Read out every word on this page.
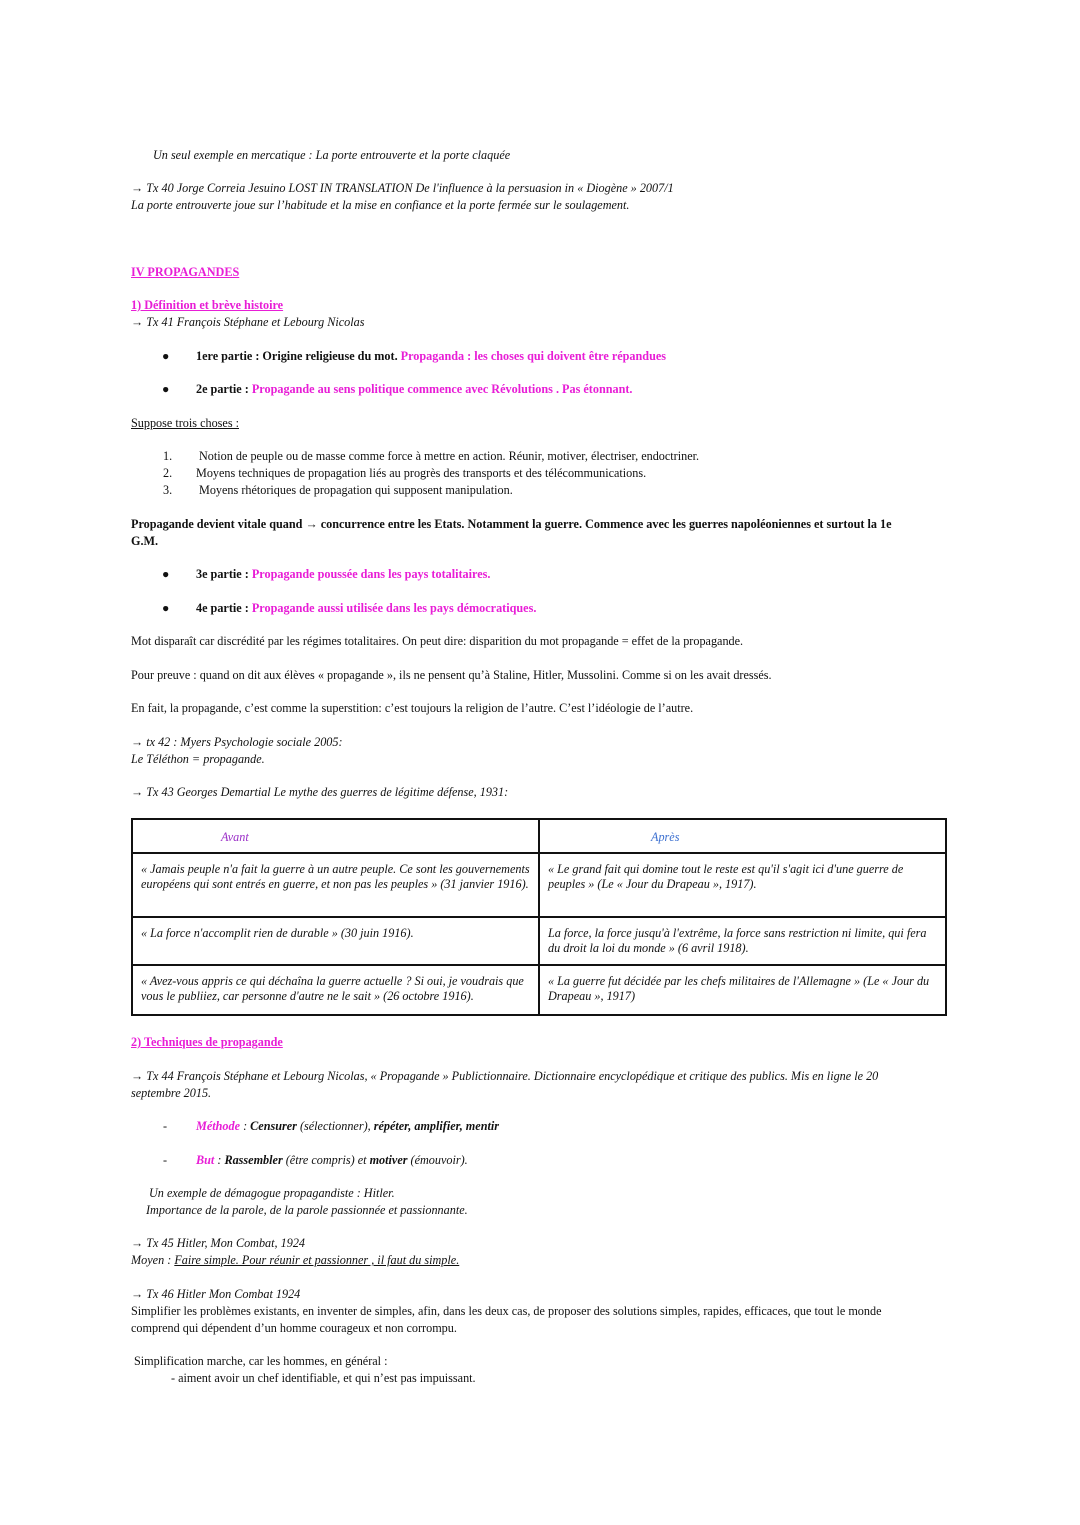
Un seul exemple en mercatique : La porte entrouverte et la porte claquée
→ Tx 40 Jorge Correia Jesuino LOST IN TRANSLATION De l'influence à la persuasion in « Diogène » 2007/1
La porte entrouverte joue sur l’habitude et la mise en confiance et la porte fermée sur le soulagement.
IV PROPAGANDES
1) Définition et brève histoire
→ Tx 41 François Stéphane et Lebourg Nicolas
● 1ere partie : Origine religieuse du mot. Propaganda : les choses qui doivent être répandues
● 2e partie : Propagande au sens politique commence avec Révolutions . Pas étonnant.
Suppose trois choses :
1. Notion de peuple ou de masse comme force à mettre en action. Réunir, motiver, électriser, endoctriner.
2. Moyens techniques de propagation liés au progrès des transports et des télécommunications.
3. Moyens rhétoriques de propagation qui supposent manipulation.
Propagande devient vitale quand → concurrence entre les Etats. Notamment la guerre. Commence avec les guerres napoléoniennes et surtout la 1e
G.M.
● 3e partie : Propagande poussée dans les pays totalitaires.
● 4e partie : Propagande aussi utilisée dans les pays démocratiques.
Mot disparaît car discrédité par les régimes totalitaires. On peut dire: disparition du mot propagande = effet de la propagande.
Pour preuve : quand on dit aux élèves « propagande », ils ne pensent qu’à Staline, Hitler, Mussolini. Comme si on les avait dressés.
En fait, la propagande, c’est comme la superstition: c’est toujours la religion de l’autre. C’est l’idéologie de l’autre.
→ tx 42 : Myers Psychologie sociale 2005:
Le Téléthon = propagande.
→ Tx 43 Georges Demartial Le mythe des guerres de légitime défense, 1931:
Avant	Après
« Jamais peuple n'a fait la guerre à un autre peuple. Ce sont les gouvernements européens qui sont entrés en guerre, et non pas les peuples » (31 janvier 1916).	« Le grand fait qui domine tout le reste est qu'il s'agit ici d'une guerre de peuples » (Le « Jour du Drapeau », 1917).
« La force n'accomplit rien de durable » (30 juin 1916).	La force, la force jusqu'à l'extrême, la force sans restriction ni limite, qui fera du droit la loi du monde » (6 avril 1918).
« Avez-vous appris ce qui déchaîna la guerre actuelle ? Si oui, je voudrais que vous le publiiez, car personne d'autre ne le sait » (26 octobre 1916).	« La guerre fut décidée par les chefs militaires de l'Allemagne » (Le « Jour du Drapeau », 1917)
2) Techniques de propagande
→ Tx 44 François Stéphane et Lebourg Nicolas, « Propagande » Publictionnaire. Dictionnaire encyclopédique et critique des publics. Mis en ligne le 20
septembre 2015.
- Méthode : Censurer (sélectionner), répéter, amplifier, mentir
- But : Rassembler (être compris) et motiver (émouvoir).
Un exemple de démagogue propagandiste : Hitler.
Importance de la parole, de la parole passionnée et passionnante.
→ Tx 45 Hitler, Mon Combat, 1924
Moyen : Faire simple. Pour réunir et passionner , il faut du simple.
→ Tx 46 Hitler Mon Combat 1924
Simplifier les problèmes existants, en inventer de simples, afin, dans les deux cas, de proposer des solutions simples, rapides, efficaces, que tout le monde
comprend qui dépendent d’un homme courageux et non corrompu.
Simplification marche, car les hommes, en général :
- aiment avoir un chef identifiable, et qui n’est pas impuissant.
